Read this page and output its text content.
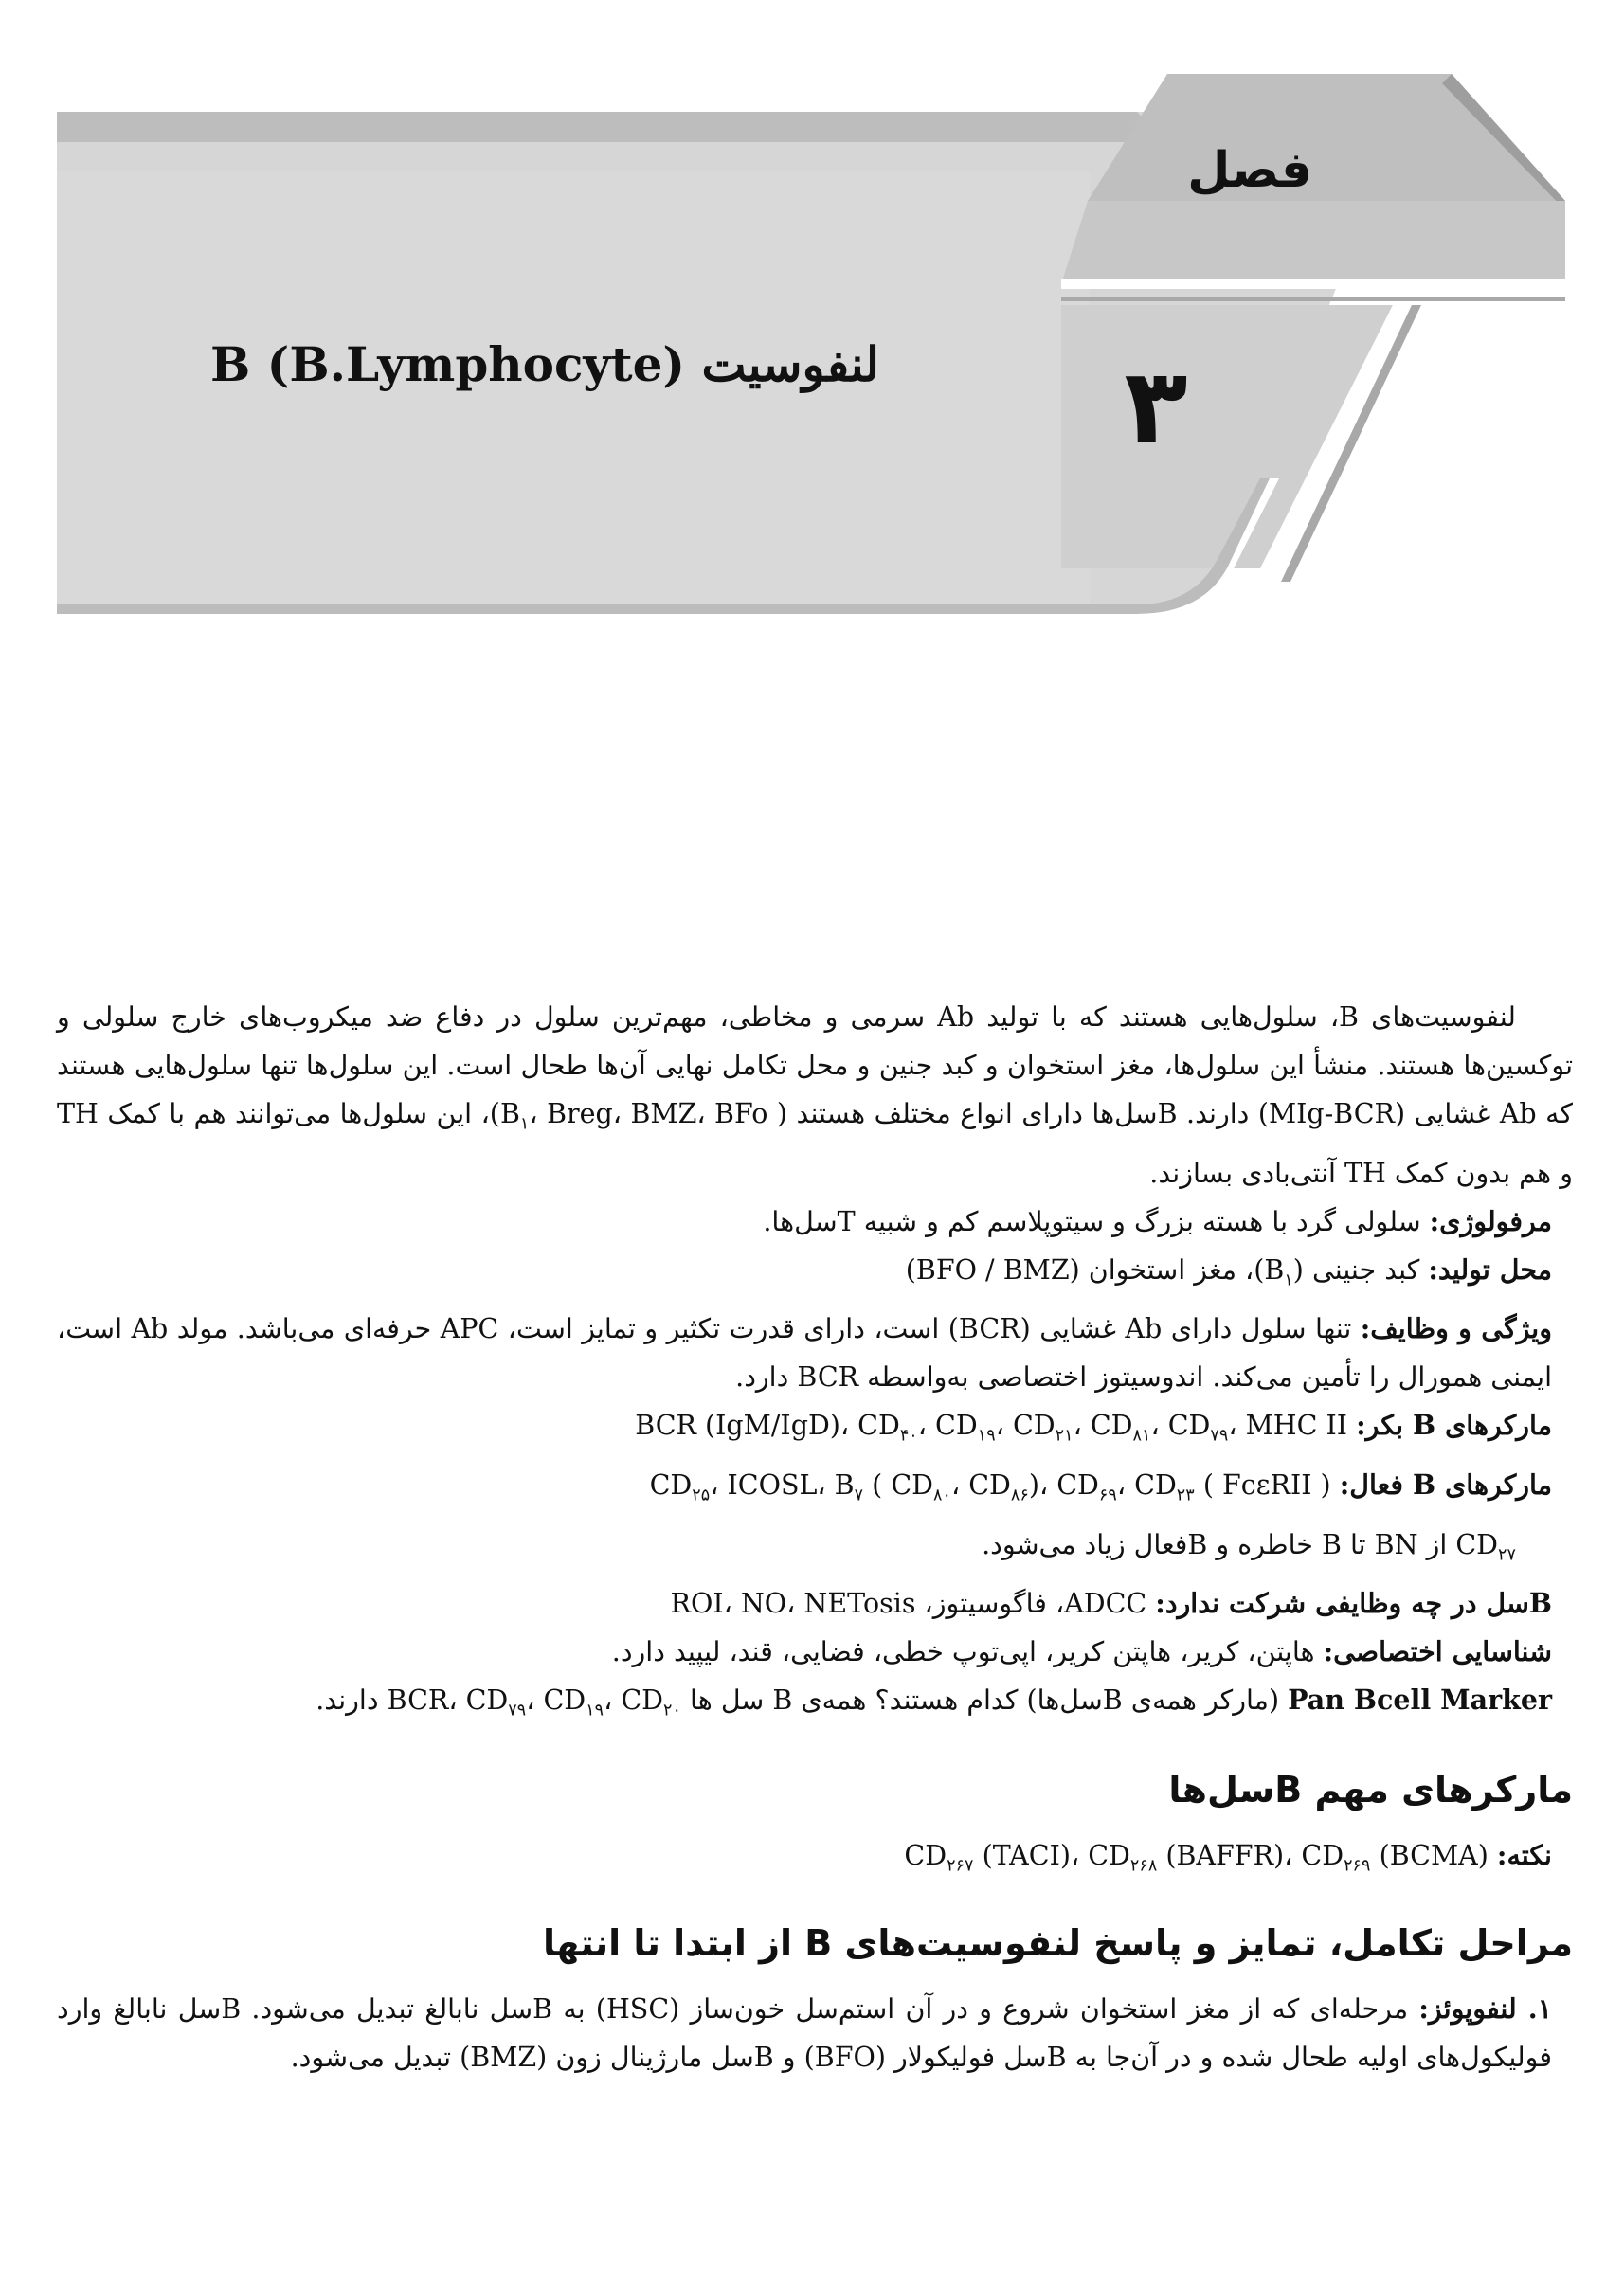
فصل
۳
لنفوسیت B (B.Lymphocyte)

لنفوسیت‌های B، سلول‌هایی هستند که با تولید Ab سرمی و مخاطی، مهم‌ترین سلول در دفاع ضد میکروب‌های خارج سلولی و توکسین‌ها هستند. منشأ این سلول‌ها، مغز استخوان و کبد جنین و محل تکامل نهایی آن‌ها طحال است. این سلول‌ها تنها سلول‌هایی هستند که Ab غشایی (MIg-BCR) دارند. Bسل‌ها دارای انواع مختلف هستند ( $B_۱،$ Breg، BMZ، BFo)، این سلول‌ها می‌توانند هم با کمک TH و هم بدون کمک TH آنتی‌بادی بسازند.

مرفولوژی: سلولی گرد با هسته بزرگ و سیتوپلاسم کم و شبیه Tسل‌ها.

محل تولید: کبد جنینی $(B_۱)،$ مغز استخوان (BFO / BMZ)

ویژگی و وظایف: تنها سلول دارای Ab غشایی (BCR) است، دارای قدرت تکثیر و تمایز است، APC حرفه‌ای می‌باشد. مولد Ab است، ایمنی همورال را تأمین می‌کند. اندوسیتوز اختصاصی به‌واسطه BCR دارد.

مارکرهای B بکر: BCR (IgM/IgD)، $CD_{۴۰}،$ $CD_{۱۹}،$ $CD_{۲۱}،$ $CD_{۸۱}،$ $CD_{۷۹}،$ MHC II

مارکرهای B فعال: $CD_{۲۵}،$ ICOSL، $B_۷$ ( $CD_{۸۰}،$ $CD_{۸۶})،$ $CD_{۶۹}،$ $CD_{۲۳}$ ( FcεRII )

$CD_{۲۷}$ از BN تا B خاطره و Bفعال زیاد می‌شود.

Bسل در چه وظایفی شرکت ندارد: ADCC، فاگوسیتوز، ROI، NO، NETosis

شناسایی اختصاصی: هاپتن، کریر، هاپتن کریر، اپی‌توپ خطی، فضایی، قند، لیپید دارد.

Pan Bcell Marker (مارکر همه‌ی Bسل‌ها) کدام هستند؟ همه‌ی B سل ها BCR، $CD_{۷۹}،$ $CD_{۱۹}،$ $CD_{۲۰}$ دارند.

مارکرهای مهم Bسل‌ها

نکته: $CD_{۲۶۷}$ (TACI)، $CD_{۲۶۸}$ (BAFFR)، $CD_{۲۶۹}$ (BCMA)

مراحل تکامل، تمایز و پاسخ لنفوسیت‌های B از ابتدا تا انتها

۱. لنفوپوئز: مرحله‌ای که از مغز استخوان شروع و در آن استم‌سل خون‌ساز (HSC) به Bسل نابالغ تبدیل می‌شود. Bسل نابالغ وارد فولیکول‌های اولیه طحال شده و در آن‌جا به Bسل فولیکولار (BFO) و Bسل مارژینال زون (BMZ) تبدیل می‌شود.
